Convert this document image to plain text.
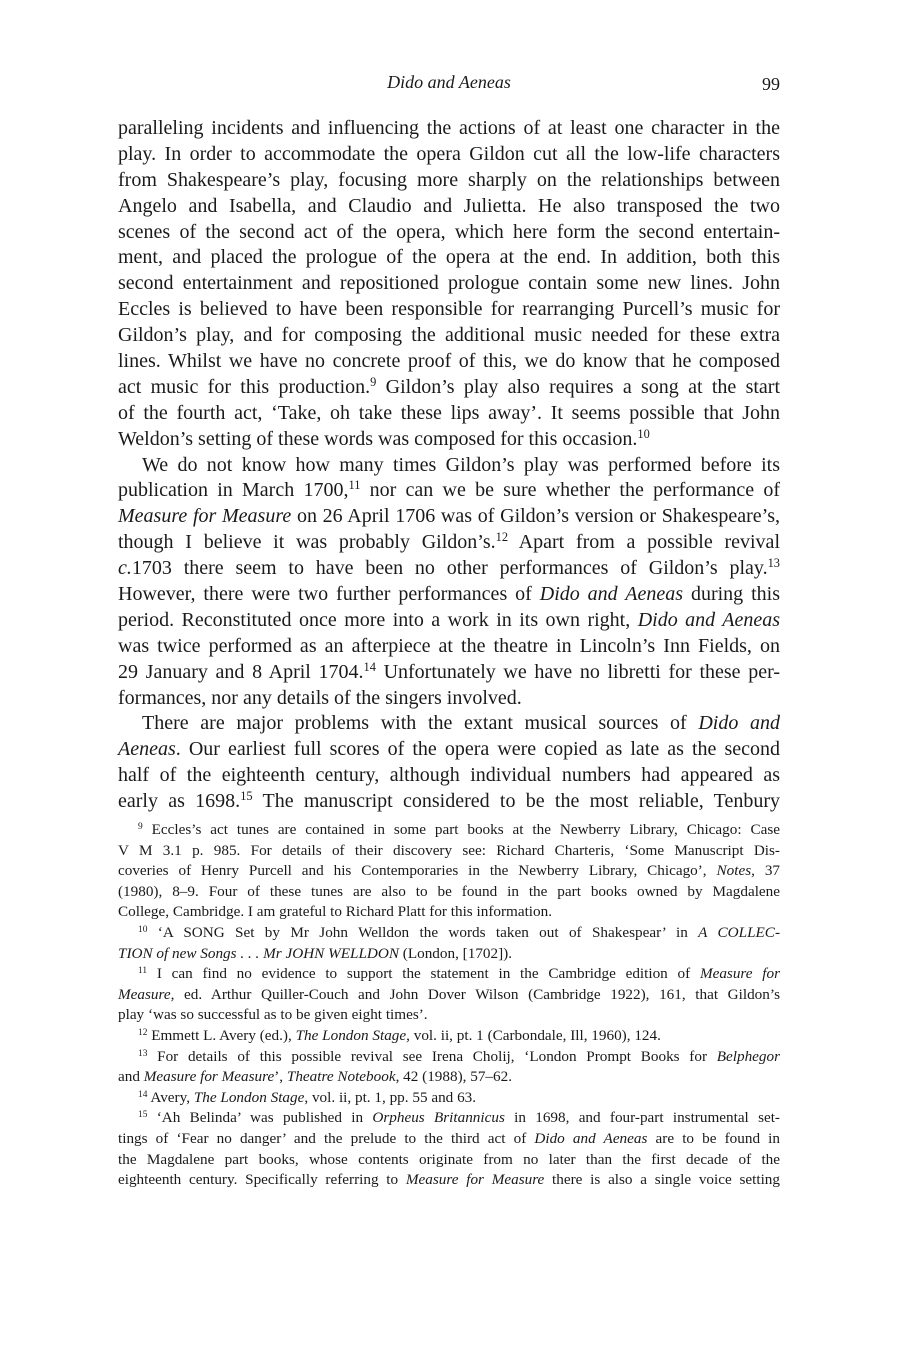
Dido and Aeneas	99
paralleling incidents and influencing the actions of at least one character in the
play. In order to accommodate the opera Gildon cut all the low-life characters
from Shakespeare’s play, focusing more sharply on the relationships between
Angelo and Isabella, and Claudio and Julietta. He also transposed the two
scenes of the second act of the opera, which here form the second entertain-
ment, and placed the prologue of the opera at the end. In addition, both this
second entertainment and repositioned prologue contain some new lines. John
Eccles is believed to have been responsible for rearranging Purcell’s music for
Gildon’s play, and for composing the additional music needed for these extra
lines. Whilst we have no concrete proof of this, we do know that he composed
act music for this production.$^9$ Gildon’s play also requires a song at the start
of the fourth act, ‘Take, oh take these lips away’. It seems possible that John
Weldon’s setting of these words was composed for this occasion.$^{10}$
We do not know how many times Gildon’s play was performed before its
publication in March 1700,11 nor can we be sure whether the performance of
Measure for Measure on 26 April 1706 was of Gildon’s version or Shakespeare’s,
though I believe it was probably Gildon’s.$^{12}$ Apart from a possible revival
c.1703 there seem to have been no other performances of Gildon’s play.$^{13}$
However, there were two further performances of Dido and Aeneas during this
period. Reconstituted once more into a work in its own right, Dido and Aeneas
was twice performed as an afterpiece at the theatre in Lincoln’s Inn Fields, on
29 January and 8 April 1704.14 Unfortunately we have no libretti for these per-
formances, nor any details of the singers involved.
There are major problems with the extant musical sources of Dido and
Aeneas. Our earliest full scores of the opera were copied as late as the second
half of the eighteenth century, although individual numbers had appeared as
early as 1698.15 The manuscript considered to be the most reliable, Tenbury
$^9$ Eccles’s act tunes are contained in some part books at the Newberry Library, Chicago: Case
V M 3.1 p. 985. For details of their discovery see: Richard Charteris, ‘Some Manuscript Dis-
coveries of Henry Purcell and his Contemporaries in the Newberry Library, Chicago’, Notes, 37
(1980), 8–9. Four of these tunes are also to be found in the part books owned by Magdalene
College, Cambridge. I am grateful to Richard Platt for this information.
$^{10}$ ‘A SONG Set by Mr John Welldon the words taken out of Shakespear’ in A COLLEC-
TION of new Songs . . . Mr JOHN WELLDON (London, [1702]).
$^{11}$ I can find no evidence to support the statement in the Cambridge edition of Measure for
Measure, ed. Arthur Quiller-Couch and John Dover Wilson (Cambridge 1922), 161, that Gildon’s
play ‘was so successful as to be given eight times’.
$^{12}$ Emmett L. Avery (ed.), The London Stage, vol. ii, pt. 1 (Carbondale, Ill, 1960), 124.
$^{13}$ For details of this possible revival see Irena Cholij, ‘London Prompt Books for Belphegor
and Measure for Measure’, Theatre Notebook, 42 (1988), 57–62.
$^{14}$ Avery, The London Stage, vol. ii, pt. 1, pp. 55 and 63.
$^{15}$ ‘Ah Belinda’ was published in Orpheus Britannicus in 1698, and four-part instrumental set-
tings of ‘Fear no danger’ and the prelude to the third act of Dido and Aeneas are to be found in
the Magdalene part books, whose contents originate from no later than the first decade of the
eighteenth century. Specifically referring to Measure for Measure there is also a single voice setting
